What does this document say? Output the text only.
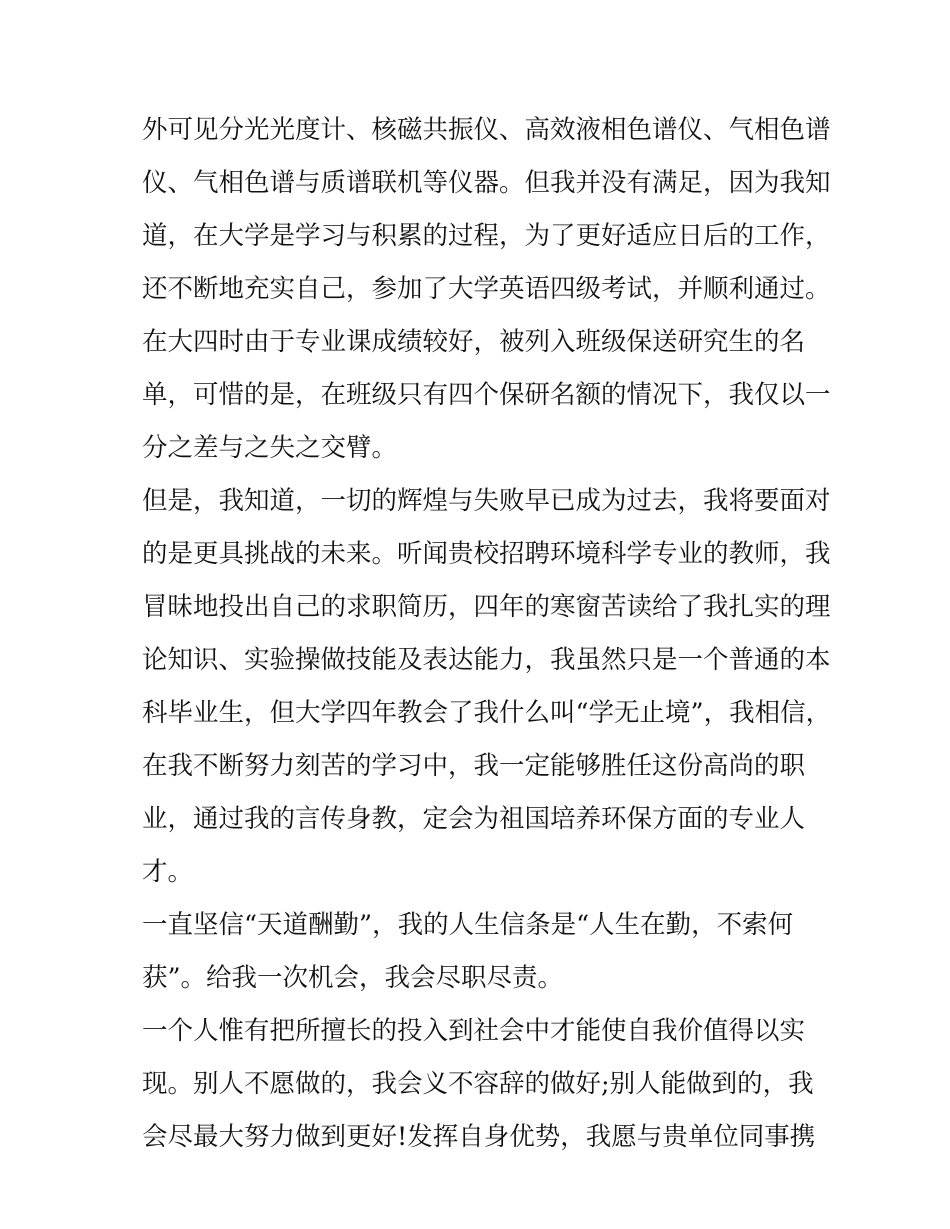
外可见分光光度计、核磁共振仪、高效液相色谱仪、气相色谱
仪、气相色谱与质谱联机等仪器。但我并没有满足，因为我知
道，在大学是学习与积累的过程，为了更好适应日后的工作，
还不断地充实自己，参加了大学英语四级考试，并顺利通过。
在大四时由于专业课成绩较好，被列入班级保送研究生的名
单，可惜的是，在班级只有四个保研名额的情况下，我仅以一
分之差与之失之交臂。
但是，我知道，一切的辉煌与失败早已成为过去，我将要面对
的是更具挑战的未来。听闻贵校招聘环境科学专业的教师，我
冒昧地投出自己的求职简历，四年的寒窗苦读给了我扎实的理
论知识、实验操做技能及表达能力，我虽然只是一个普通的本
科毕业生，但大学四年教会了我什么叫“学无止境”，我相信，
在我不断努力刻苦的学习中，我一定能够胜任这份高尚的职
业，通过我的言传身教，定会为祖国培养环保方面的专业人
才。
一直坚信“天道酬勤”，我的人生信条是“人生在勤，不索何
获”。给我一次机会，我会尽职尽责。
一个人惟有把所擅长的投入到社会中才能使自我价值得以实
现。别人不愿做的，我会义不容辞的做好;别人能做到的，我
会尽最大努力做到更好!发挥自身优势，我愿与贵单位同事携
